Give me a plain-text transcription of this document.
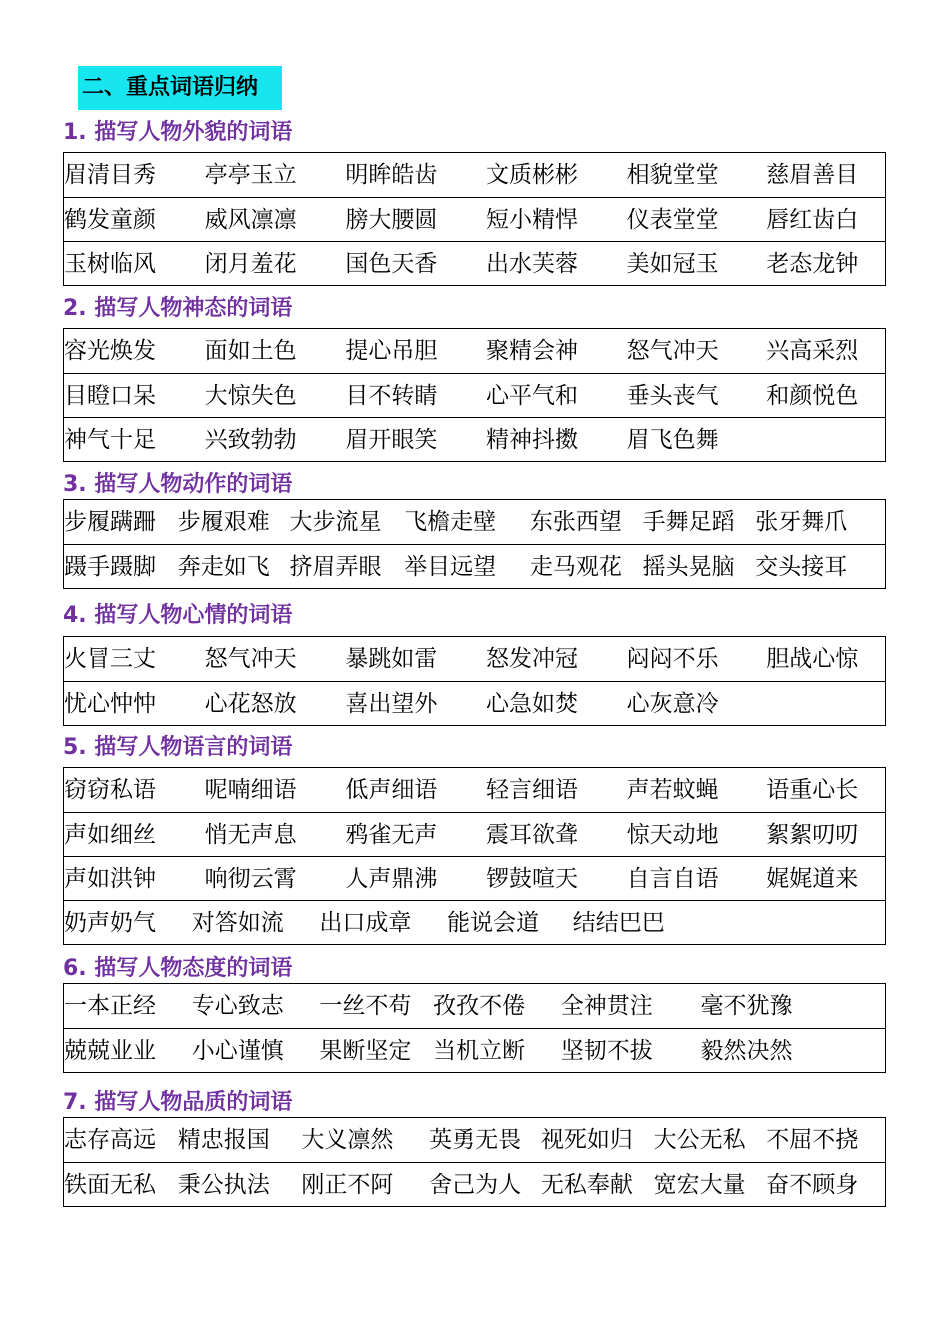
二、重点词语归纳
1. 描写人物外貌的词语
眉清目秀	亭亭玉立	明眸皓齿	文质彬彬	相貌堂堂	慈眉善目
鹤发童颜	威风凛凛	膀大腰圆	短小精悍	仪表堂堂	唇红齿白
玉树临风	闭月羞花	国色天香	出水芙蓉	美如冠玉	老态龙钟
2. 描写人物神态的词语
容光焕发	面如土色	提心吊胆	聚精会神	怒气冲天	兴高采烈
目瞪口呆	大惊失色	目不转睛	心平气和	垂头丧气	和颜悦色
神气十足	兴致勃勃	眉开眼笑	精神抖擞	眉飞色舞
3. 描写人物动作的词语
步履蹒跚 步履艰难 大步流星 飞檐走壁	东张西望 手舞足蹈 张牙舞爪
蹑手蹑脚 奔走如飞 挤眉弄眼 举目远望	走马观花 摇头晃脑 交头接耳
4. 描写人物心情的词语
火冒三丈	怒气冲天	暴跳如雷	怒发冲冠	闷闷不乐	胆战心惊
忧心忡忡	心花怒放	喜出望外	心急如焚	心灰意冷
5. 描写人物语言的词语
窃窃私语	呢喃细语	低声细语	轻言细语	声若蚊蝇	语重心长
声如细丝	悄无声息	鸦雀无声	震耳欲聋	惊天动地	絮絮叨叨
声如洪钟	响彻云霄	人声鼎沸	锣鼓喧天	自言自语	娓娓道来
奶声奶气	对答如流	出口成章	能说会道	结结巴巴
6. 描写人物态度的词语
一本正经	专心致志	一丝不苟 孜孜不倦	全神贯注	毫不犹豫
兢兢业业	小心谨慎	果断坚定 当机立断	坚韧不拔	毅然决然
7. 描写人物品质的词语
志存高远 精忠报国	大义凛然	英勇无畏 视死如归 大公无私 不屈不挠
铁面无私 秉公执法	刚正不阿	舍己为人 无私奉献 宽宏大量 奋不顾身
